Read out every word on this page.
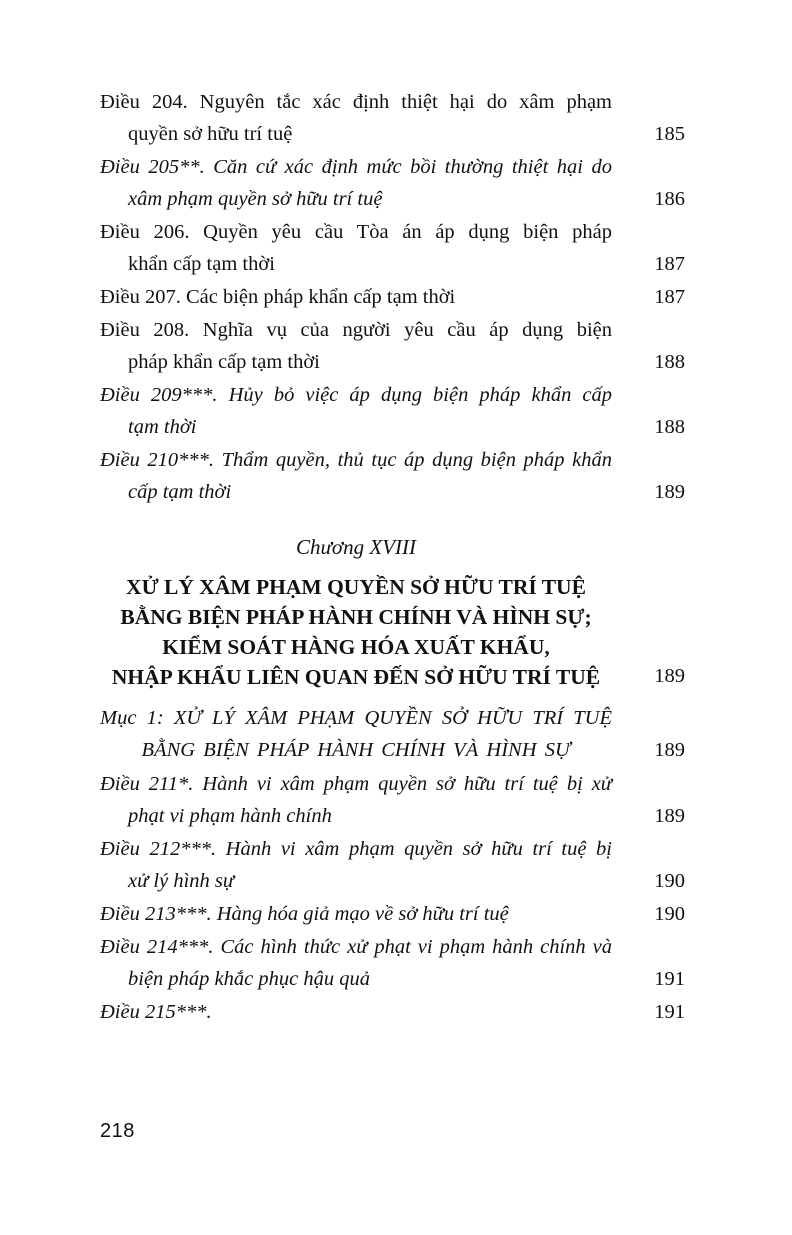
Điều 204. Nguyên tắc xác định thiệt hại do xâm phạm
quyền sở hữu trí tuệ	185
Điều 205**. Căn cứ xác định mức bồi thường thiệt hại do
xâm phạm quyền sở hữu trí tuệ	186
Điều 206. Quyền yêu cầu Tòa án áp dụng biện pháp
khẩn cấp tạm thời	187
Điều 207. Các biện pháp khẩn cấp tạm thời	187
Điều 208. Nghĩa vụ của người yêu cầu áp dụng biện
pháp khẩn cấp tạm thời	188
Điều 209***. Hủy bỏ việc áp dụng biện pháp khẩn cấp
tạm thời	188
Điều 210***. Thẩm quyền, thủ tục áp dụng biện pháp khẩn
cấp tạm thời	189
Chương XVIII
XỬ LÝ XÂM PHẠM QUYỀN SỞ HỮU TRÍ TUỆ
BẰNG BIỆN PHÁP HÀNH CHÍNH VÀ HÌNH SỰ;
KIỂM SOÁT HÀNG HÓA XUẤT KHẨU,
NHẬP KHẨU LIÊN QUAN ĐẾN SỞ HỮU TRÍ TUỆ	189
Mục 1: XỬ LÝ XÂM PHẠM QUYỀN SỞ HỮU TRÍ TUỆ
BẰNG BIỆN PHÁP HÀNH CHÍNH VÀ HÌNH SỰ	189
Điều 211*. Hành vi xâm phạm quyền sở hữu trí tuệ bị xử
phạt vi phạm hành chính	189
Điều 212***. Hành vi xâm phạm quyền sở hữu trí tuệ bị
xử lý hình sự	190
Điều 213***. Hàng hóa giả mạo về sở hữu trí tuệ	190
Điều 214***. Các hình thức xử phạt vi phạm hành chính và
biện pháp khắc phục hậu quả	191
Điều 215***.	191
218
